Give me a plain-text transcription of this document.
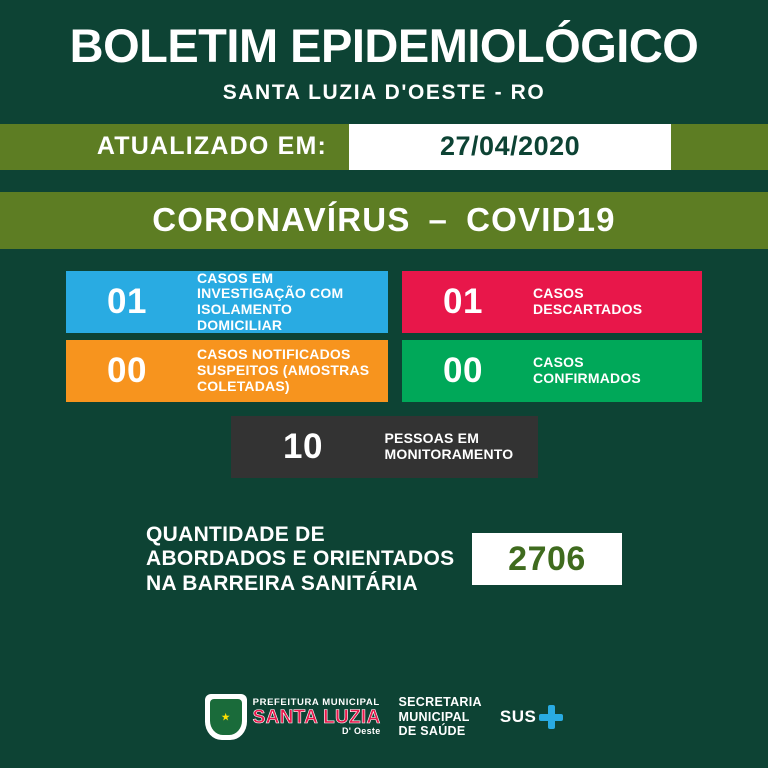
BOLETIM EPIDEMIOLÓGICO
SANTA LUZIA D'OESTE - RO
ATUALIZADO EM:	27/04/2020
CORONAVÍRUS – COVID19
01
CASOS EM INVESTIGAÇÃO COM ISOLAMENTO DOMICILIAR
01	CASOS DESCARTADOS
00	CASOS NOTIFICADOS SUSPEITOS (AMOSTRAS COLETADAS)	00	CASOS CONFIRMADOS
10	PESSOAS EM MONITORAMENTO
QUANTIDADE DE ABORDADOS E ORIENTADOS NA BARREIRA SANITÁRIA
2706
★
PREFEITURA MUNICIPAL
SANTA LUZIA
D' Oeste
SECRETARIA
MUNICIPAL
DE SAÚDE
SUS
